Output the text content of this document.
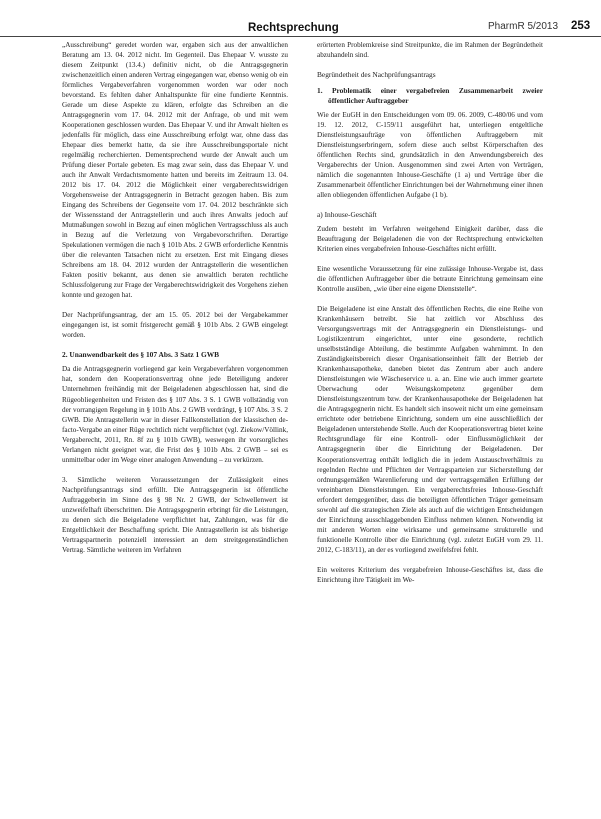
Rechtsprechung	PharmR 5/2013 253

„Ausschreibung“ geredet worden war, ergaben sich aus der anwaltlichen Beratung am 13. 04. 2012 nicht. Im Gegenteil. Das Ehepaar V. wusste zu diesem Zeitpunkt (13.4.) definitiv nicht, ob die Antragsgegnerin zwischenzeitlich einen anderen Vertrag eingegangen war, ebenso wenig ob ein förmliches Vergabeverfahren vorgenommen worden war oder noch bevorstand. Es fehlten daher Anhaltspunkte für eine fundierte Kenntnis. Gerade um diese Aspekte zu klären, erfolgte das Schreiben an die Antragsgegnerin vom 17. 04. 2012 mit der Anfrage, ob und mit wem Kooperationen geschlossen wurden. Das Ehepaar V. und ihr Anwalt hielten es jedenfalls für möglich, dass eine Ausschreibung erfolgt war, ohne dass das Ehepaar dies bemerkt hatte, da sie ihre Ausschreibungsportale nicht regelmäßig recherchierten. Dementsprechend wurde der Anwalt auch um Prüfung dieser Portale gebeten. Es mag zwar sein, dass das Ehepaar V. und auch ihr Anwalt Verdachtsmomente hatten und bereits im Zeitraum 13. 04. 2012 bis 17. 04. 2012 die Möglichkeit einer vergaberechtswidrigen Vorgehensweise der Antragsgegnerin in Betracht gezogen haben. Bis zum Eingang des Schreibens der Gegenseite vom 17. 04. 2012 beschränkte sich der Wissensstand der Antragstellerin und auch ihres Anwalts jedoch auf Mutmaßungen sowohl in Bezug auf einen möglichen Vertragsschluss als auch in Bezug auf die Verletzung von Vergabevorschriften. Derartige Spekulationen vermögen die nach § 101b Abs. 2 GWB erforderliche Kenntnis über die relevanten Tatsachen nicht zu ersetzen. Erst mit Eingang dieses Schreibens am 18. 04. 2012 wurden der Antragstellerin die wesentlichen Fakten positiv bekannt, aus denen sie anwaltlich beraten rechtliche Schlussfolgerung zur Frage der Vergaberechtswidrigkeit des Vorgehens ziehen konnte und gezogen hat.

Der Nachprüfungsantrag, der am 15. 05. 2012 bei der Vergabekammer eingegangen ist, ist somit fristgerecht gemäß § 101b Abs. 2 GWB eingelegt worden.

2. Unanwendbarkeit des § 107 Abs. 3 Satz 1 GWB

Da die Antragsgegnerin vorliegend gar kein Vergabeverfahren vorgenommen hat, sondern den Kooperationsvertrag ohne jede Beteiligung anderer Unternehmen freihändig mit der Beigeladenen abgeschlossen hat, sind die Rügeobliegenheiten und Fristen des § 107 Abs. 3 S. 1 GWB vollständig von der vorrangigen Regelung in § 101b Abs. 2 GWB verdrängt, § 107 Abs. 3 S. 2 GWB. Die Antragstellerin war in dieser Fallkonstellation der klassischen de-facto-Vergabe an einer Rüge rechtlich nicht verpflichtet (vgl. Ziekow/Völlink, Vergaberecht, 2011, Rn. 8f zu § 101b GWB), weswegen ihr vorsorgliches Verlangen nicht geeignet war, die Frist des § 101b Abs. 2 GWB – sei es unmittelbar oder im Wege einer analogen Anwendung – zu verkürzen.

3. Sämtliche weiteren Voraussetzungen der Zulässigkeit eines Nachprüfungsantrags sind erfüllt. Die Antragsgegnerin ist öffentliche Auftraggeberin im Sinne des § 98 Nr. 2 GWB, der Schwellenwert ist unzweifelhaft überschritten. Die Antragsgegnerin erbringt für die Leistungen, zu denen sich die Beigeladene verpflichtet hat, Zahlungen, was für die Entgeltlichkeit der Beschaffung spricht. Die Antragstellerin ist als bisherige Vertragspartnerin potenziell interessiert an dem streitgegenständlichen Vertrag. Sämtliche weiteren im Verfahren

erörterten Problemkreise sind Streitpunkte, die im Rahmen der Begründetheit abzuhandeln sind.

Begründetheit des Nachprüfungsantrags
1. Problematik einer vergabefreien Zusammenarbeit zweier öffentlicher Auftraggeber

Wie der EuGH in den Entscheidungen vom 09. 06. 2009, C-480/06 und vom 19. 12. 2012, C-159/11 ausgeführt hat, unterliegen entgeltliche Dienstleistungsaufträge von öffentlichen Auftraggebern mit Dienstleistungserbringern, sofern diese auch selbst Körperschaften des öffentlichen Rechts sind, grundsätzlich in den Anwendungsbereich des Vergaberechts der Union. Ausgenommen sind zwei Arten von Verträgen, nämlich die sogenannten Inhouse-Geschäfte (1 a) und Verträge über die Zusammenarbeit öffentlicher Einrichtungen bei der Wahrnehmung einer ihnen allen obliegenden öffentlichen Aufgabe (1 b).

a) Inhouse-Geschäft

Zudem besteht im Verfahren weitgehend Einigkeit darüber, dass die Beauftragung der Beigeladenen die von der Rechtsprechung entwickelten Kriterien eines vergabefreien Inhouse-Geschäftes nicht erfüllt.

Eine wesentliche Voraussetzung für eine zulässige Inhouse-Vergabe ist, dass die öffentlichen Auftraggeber über die betraute Einrichtung gemeinsam eine Kontrolle ausüben, „wie über eine eigene Dienststelle“.

Die Beigeladene ist eine Anstalt des öffentlichen Rechts, die eine Reihe von Krankenhäusern betreibt. Sie hat zeitlich vor Abschluss des Versorgungsvertrags mit der Antragsgegnerin ein Dienstleistungs- und Logistikzentrum eingerichtet, unter eine gesonderte, rechtlich unselbstständige Abteilung, die bestimmte Aufgaben wahrnimmt. In den Zuständigkeitsbereich dieser Organisationseinheit fällt der Betrieb der Krankenhausapotheke, daneben bietet das Zentrum aber auch andere Dienstleistungen wie Wäscheservice u. a. an. Eine wie auch immer geartete Überwachung oder Weisungskompetenz gegenüber dem Dienstleistungszentrum bzw. der Krankenhausapotheke der Beigeladenen hat die Antragsgegnerin nicht. Es handelt sich insoweit nicht um eine gemeinsam errichtete oder betriebene Einrichtung, sondern um eine ausschließlich der Beigeladenen unterstehende Stelle. Auch der Kooperationsvertrag bietet keine Rechtsgrundlage für eine Kontroll- oder Einflussmöglichkeit der Antragsgegnerin über die Einrichtung der Beigeladenen. Der Kooperationsvertrag enthält lediglich die in jedem Austauschverhältnis zu regelnden Rechte und Pflichten der Vertragsparteien zur Sicherstellung der ordnungsgemäßen Warenlieferung und der vertragsgemäßen Erfüllung der vereinbarten Dienstleistungen. Ein vergaberechtsfreies Inhouse-Geschäft erfordert demgegenüber, dass die beteiligten öffentlichen Träger gemeinsam sowohl auf die strategischen Ziele als auch auf die wichtigen Entscheidungen der Einrichtung ausschlaggebenden Einfluss nehmen können. Notwendig ist mit anderen Worten eine wirksame und gemeinsame strukturelle und funktionelle Kontrolle über die Einrichtung (vgl. zuletzt EuGH vom 29. 11. 2012, C-183/11), an der es vorliegend zweifelsfrei fehlt.

Ein weiteres Kriterium des vergabefreien Inhouse-Geschäftes ist, dass die Einrichtung ihre Tätigkeit im We-
